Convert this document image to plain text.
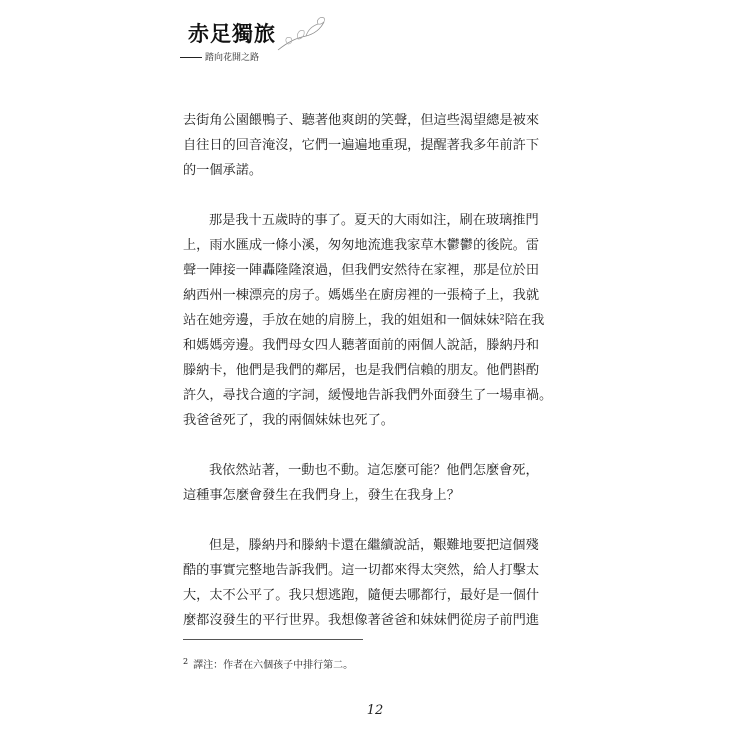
赤足獨旅
踏向花開之路

去街角公園餵鴨子、聽著他爽朗的笑聲，但這些渴望總是被來
自往日的回音淹沒，它們一遍遍地重現，提醒著我多年前許下
的一個承諾。

那是我十五歲時的事了。夏天的大雨如注，刷在玻璃推門
上，雨水匯成一條小溪，匆匆地流進我家草木鬱鬱的後院。雷
聲一陣接一陣轟隆隆滾過，但我們安然待在家裡，那是位於田
納西州一棟漂亮的房子。媽媽坐在廚房裡的一張椅子上，我就
站在她旁邊，手放在她的肩膀上，我的姐姐和一個妹妹²陪在我
和媽媽旁邊。我們母女四人聽著面前的兩個人說話，滕納丹和
滕納卡，他們是我們的鄰居，也是我們信賴的朋友。他們斟酌
許久，尋找合適的字詞，緩慢地告訴我們外面發生了一場車禍。
我爸爸死了，我的兩個妹妹也死了。

我依然站著，一動也不動。這怎麼可能？他們怎麼會死，
這種事怎麼會發生在我們身上，發生在我身上？

但是，滕納丹和滕納卡還在繼續說話，艱難地要把這個殘
酷的事實完整地告訴我們。這一切都來得太突然，給人打擊太
大，太不公平了。我只想逃跑，隨便去哪都行，最好是一個什
麼都沒發生的平行世界。我想像著爸爸和妹妹們從房子前門進

$^2$ 譯注：作者在六個孩子中排行第二。
12
